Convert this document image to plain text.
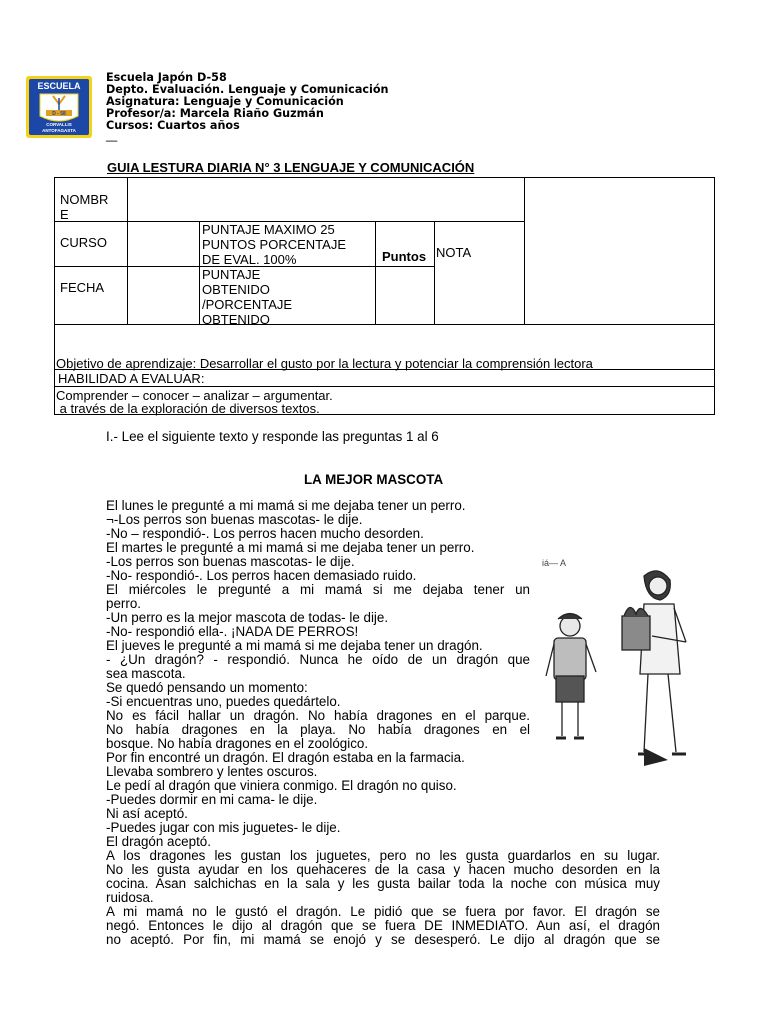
ESCUELA
D - 58
CORVALLIS
ANTOFAGASTA
Escuela Japón D-58
Depto. Evaluación. Lenguaje y Comunicación
Asignatura: Lenguaje y Comunicación
Profesor/a: Marcela Riaño Guzmán
Cursos: Cuartos años
__
GUIA LESTURA DIARIA N° 3 LENGUAJE Y COMUNICACIÓN
NOMBR
E
CURSO
PUNTAJE MAXIMO 25
PUNTOS PORCENTAJE
DE EVAL. 100%	Puntos NOTA
FECHA
PUNTAJE
OBTENIDO
/PORCENTAJE
OBTENIDO

Objetivo de aprendizaje: Desarrollar el gusto por la lectura y potenciar la comprensión lectora

a través de la exploración de diversos textos.

HABILIDAD A EVALUAR:
Comprender – conocer – analizar – argumentar.
I.- Lee el siguiente texto y responde las preguntas 1 al 6
LA MEJOR MASCOTA
El lunes le pregunté a mi mamá si me dejaba tener un perro.
¬-Los perros son buenas mascotas- le dije.
-No – respondió-. Los perros hacen mucho desorden.
El martes le pregunté a mi mamá si me dejaba tener un perro.
-Los perros son buenas mascotas- le dije.
-No- respondió-. Los perros hacen demasiado ruido.
El miércoles le pregunté a mi mamá si me dejaba tener un
perro.
-Un perro es la mejor mascota de todas- le dije.
-No- respondió ella-. ¡NADA DE PERROS!
El jueves le pregunté a mi mamá si me dejaba tener un dragón.
- ¿Un dragón? - respondió. Nunca he oído de un dragón que
sea mascota.
Se quedó pensando un momento:
-Si encuentras uno, puedes quedártelo.
No es fácil hallar un dragón. No había dragones en el parque.
No había dragones en la playa. No había dragones en el
bosque. No había dragones en el zoológico.
Por fin encontré un dragón. El dragón estaba en la farmacia.
Llevaba sombrero y lentes oscuros.
Le pedí al dragón que viniera conmigo. El dragón no quiso.
-Puedes dormir en mi cama- le dije.
Ni así aceptó.
-Puedes jugar con mis juguetes- le dije.
El dragón aceptó.
A los dragones les gustan los juguetes, pero no les gusta guardarlos en su lugar.
No les gusta ayudar en los quehaceres de la casa y hacen mucho desorden en la
cocina. Asan salchichas en la sala y les gusta bailar toda la noche con música muy
ruidosa.
A mi mamá no le gustó el dragón. Le pidió que se fuera por favor. El dragón se
negó. Entonces le dijo al dragón que se fuera DE INMEDIATO. Aun así, el dragón
no aceptó. Por fin, mi mamá se enojó y se desesperó. Le dijo al dragón que se
iá— A
